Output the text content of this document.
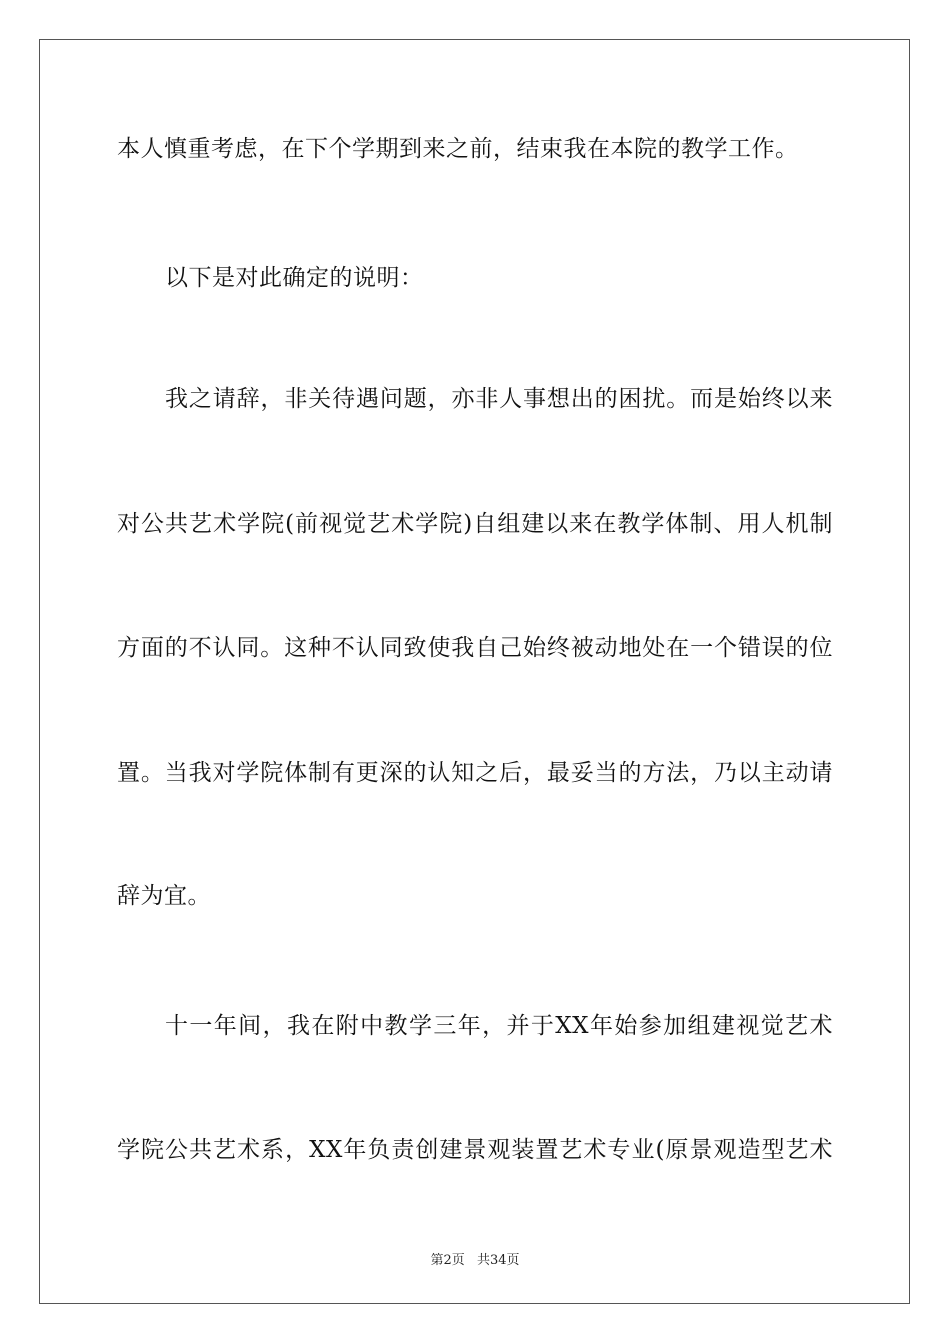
本人慎重考虑，在下个学期到来之前，结束我在本院的教学工作。
以下是对此确定的说明：
我之请辞，非关待遇问题，亦非人事想出的困扰。而是始终以来
对公共艺术学院(前视觉艺术学院)自组建以来在教学体制、用人机制
方面的不认同。这种不认同致使我自己始终被动地处在一个错误的位
置。当我对学院体制有更深的认知之后，最妥当的方法，乃以主动请
辞为宜。
十一年间，我在附中教学三年，并于XX年始参加组建视觉艺术
学院公共艺术系，XX年负责创建景观装置艺术专业(原景观造型艺术
第2页 共34页
